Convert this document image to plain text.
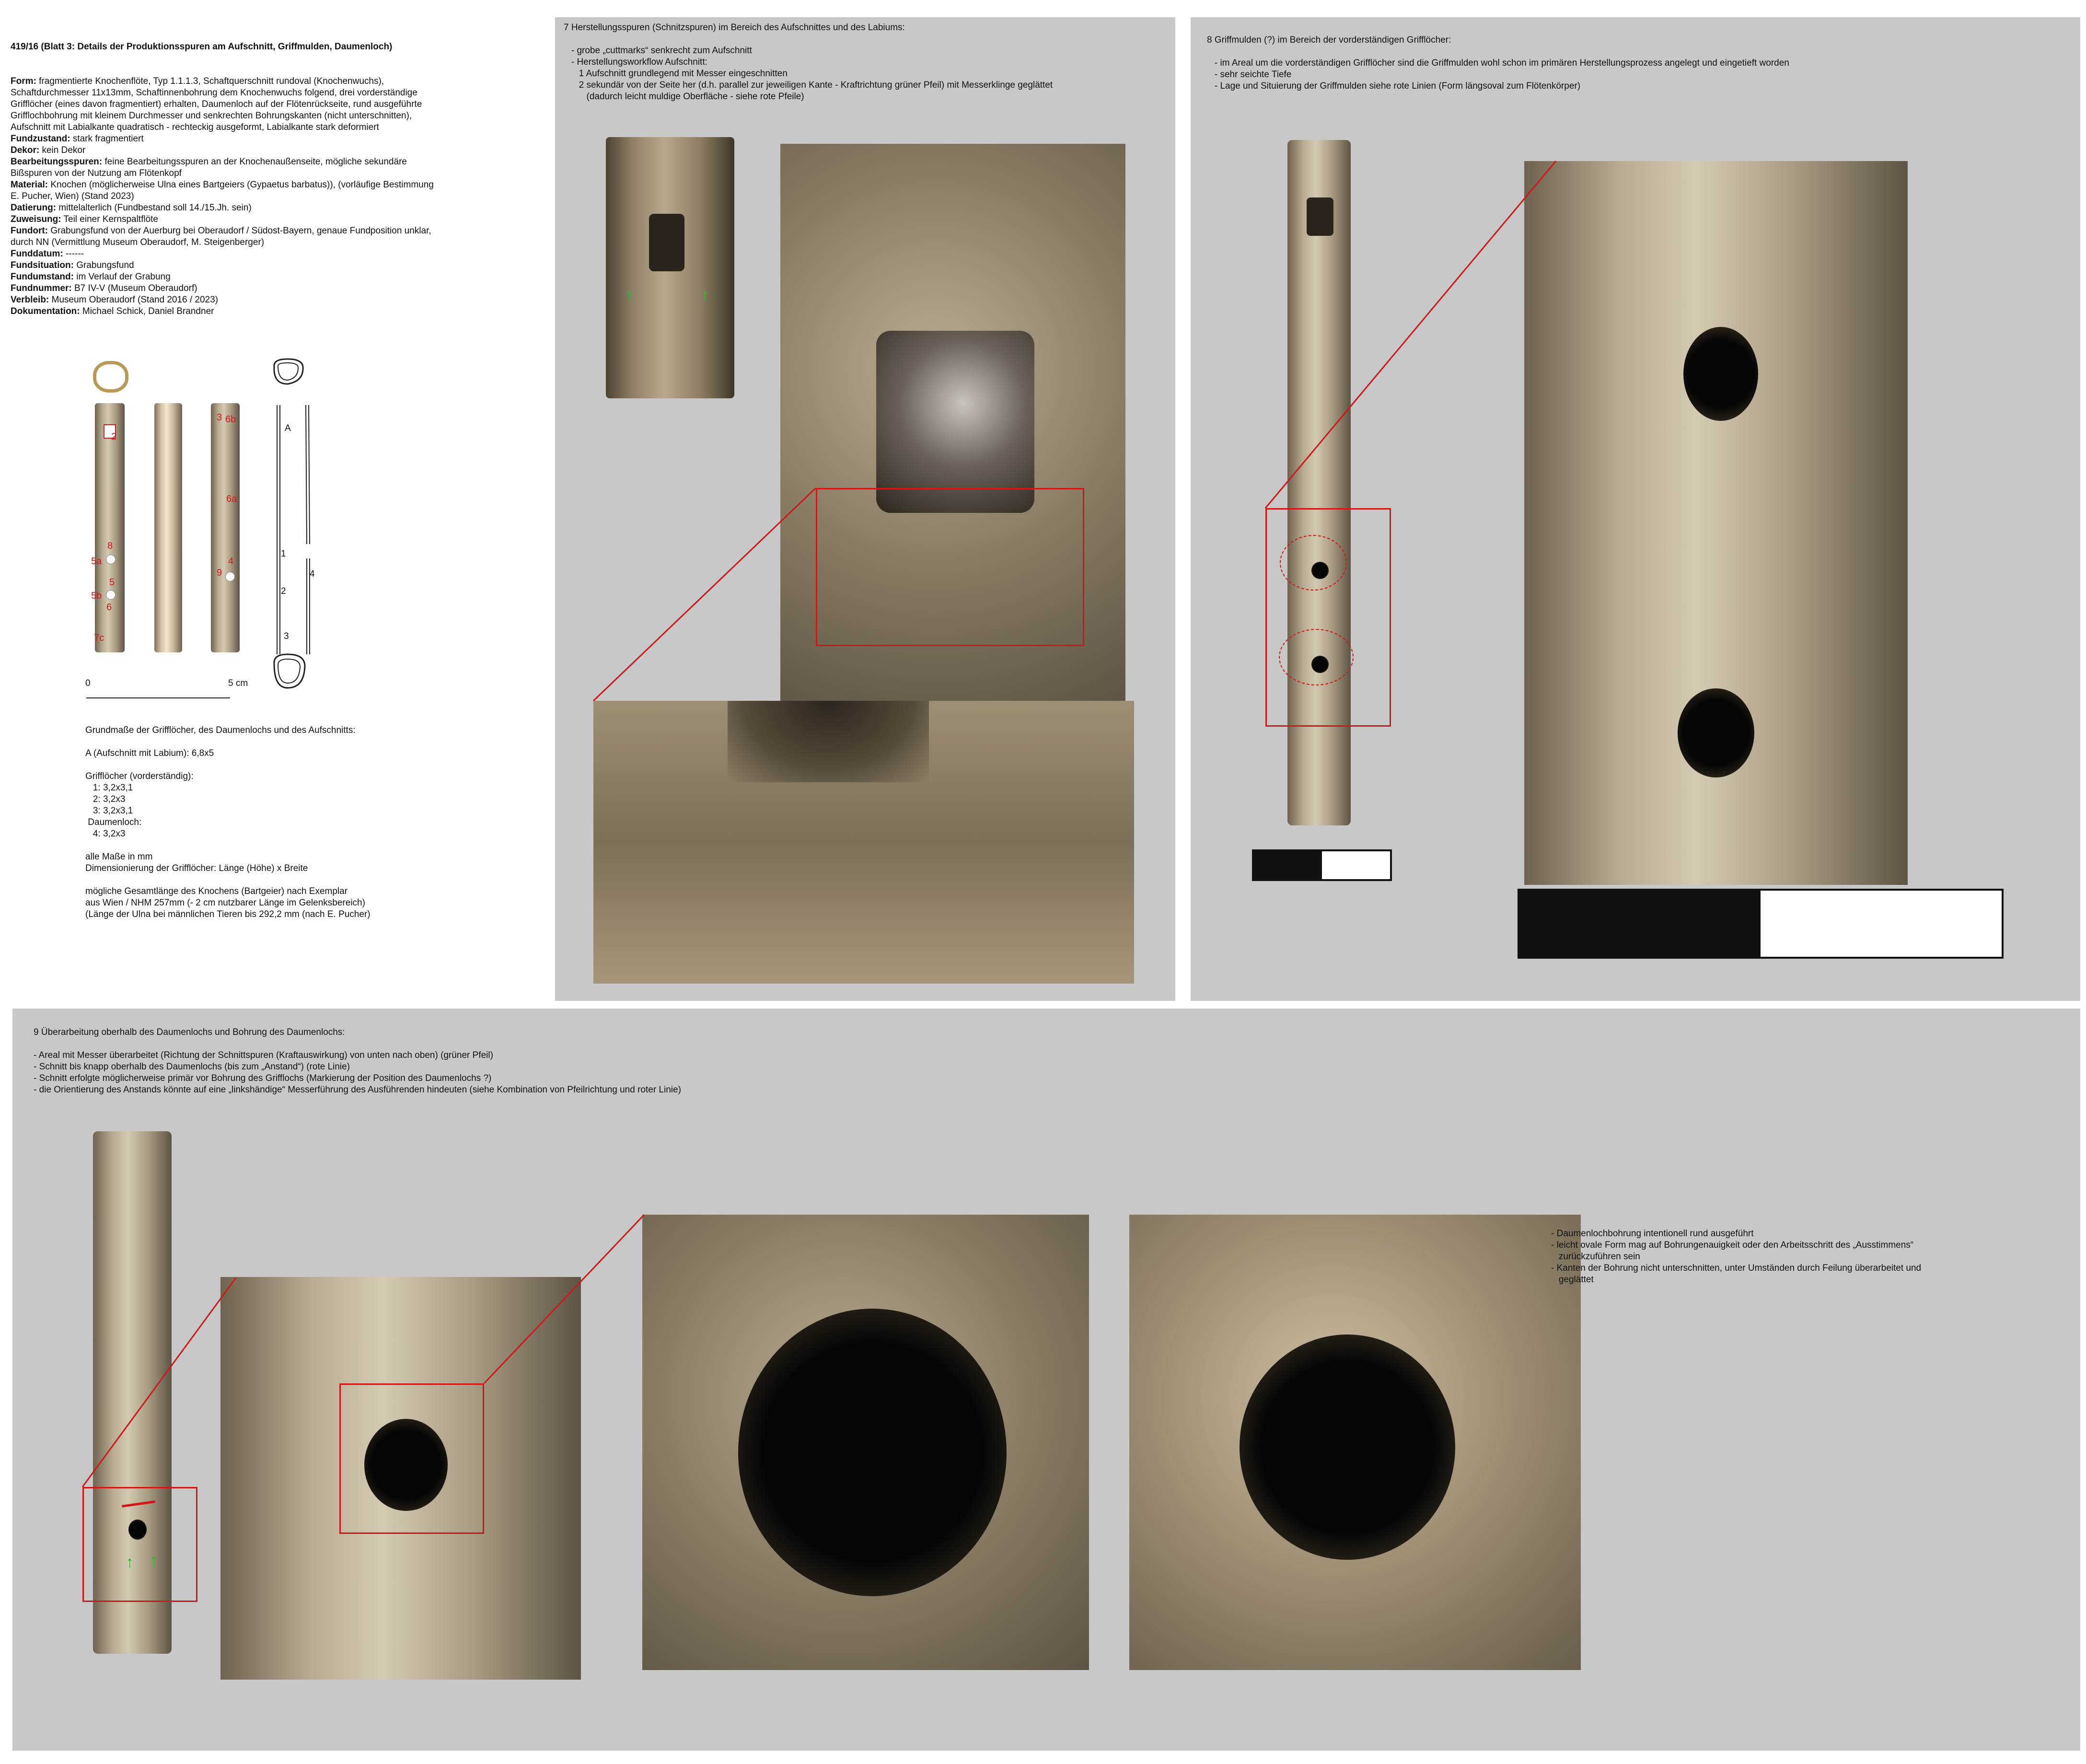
419/16 (Blatt 3: Details der Produktionsspuren am Aufschnitt, Griffmulden, Daumenloch)

Form: fragmentierte Knochenflöte, Typ 1.1.1.3, Schaftquerschnitt rundoval (Knochenwuchs),
Schaftdurchmesser 11x13mm, Schaftinnenbohrung dem Knochenwuchs folgend, drei vorderständige
Grifflöcher (eines davon fragmentiert) erhalten, Daumenloch auf der Flötenrückseite, rund ausgeführte
Grifflochbohrung mit kleinem Durchmesser und senkrechten Bohrungskanten (nicht unterschnitten),
Aufschnitt mit Labialkante quadratisch - rechteckig ausgeformt, Labialkante stark deformiert
Fundzustand: stark fragmentiert
Dekor: kein Dekor
Bearbeitungsspuren: feine Bearbeitungsspuren an der Knochenaußenseite, mögliche sekundäre
Bißspuren von der Nutzung am Flötenkopf
Material: Knochen (möglicherweise Ulna eines Bartgeiers (Gypaetus barbatus)), (vorläufige Bestimmung
E. Pucher, Wien) (Stand 2023)
Datierung: mittelalterlich (Fundbestand soll 14./15.Jh. sein)
Zuweisung: Teil einer Kernspaltflöte
Fundort: Grabungsfund von der Auerburg bei Oberaudorf / Südost-Bayern, genaue Fundposition unklar,
durch NN (Vermittlung Museum Oberaudorf, M. Steigenberger)
Funddatum: ------
Fundsituation: Grabungsfund
Fundumstand: im Verlauf der Grabung
Fundnummer: B7 IV-V (Museum Oberaudorf)
Verbleib: Museum Oberaudorf (Stand 2016 / 2023)
Dokumentation: Michael Schick, Daniel Brandner

0	5 cm
2
8
5a
5
5b
6
7c
3 6b
6a
4
9
A
1
2
4
3
Grundmaße der Grifflöcher, des Daumenlochs und des Aufschnitts:

A (Aufschnitt mit Labium): 6,8x5

Grifflöcher (vorderständig):
1: 3,2x3,1
2: 3,2x3
3: 3,2x3,1
Daumenloch:
4: 3,2x3

alle Maße in mm
Dimensionierung der Grifflöcher: Länge (Höhe) x Breite

mögliche Gesamtlänge des Knochens (Bartgeier) nach Exemplar
aus Wien / NHM 257mm (- 2 cm nutzbarer Länge im Gelenksbereich)
(Länge der Ulna bei männlichen Tieren bis 292,2 mm (nach E. Pucher)
7 Herstellungsspuren (Schnitzspuren) im Bereich des Aufschnittes und des Labiums:

- grobe „cuttmarks“ senkrecht zum Aufschnitt
- Herstellungsworkflow Aufschnitt:
1 Aufschnitt grundlegend mit Messer eingeschnitten
2 sekundär von der Seite her (d.h. parallel zur jeweiligen Kante - Kraftrichtung grüner Pfeil) mit Messerklinge geglättet
(dadurch leicht muldige Oberfläche - siehe rote Pfeile)
↑	↑
8 Griffmulden (?) im Bereich der vorderständigen Grifflöcher:

- im Areal um die vorderständigen Grifflöcher sind die Griffmulden wohl schon im primären Herstellungsprozess angelegt und eingetieft worden
- sehr seichte Tiefe
- Lage und Situierung der Griffmulden siehe rote Linien (Form längsoval zum Flötenkörper)
9 Überarbeitung oberhalb des Daumenlochs und Bohrung des Daumenlochs:

- Areal mit Messer überarbeitet (Richtung der Schnittspuren (Kraftauswirkung) von unten nach oben) (grüner Pfeil)
- Schnitt bis knapp oberhalb des Daumenlochs (bis zum „Anstand“) (rote Linie)
- Schnitt erfolgte möglicherweise primär vor Bohrung des Grifflochs (Markierung der Position des Daumenlochs ?)
- die Orientierung des Anstands könnte auf eine „linkshändige“ Messerführung des Ausführenden hindeuten (siehe Kombination von Pfeilrichtung und roter Linie)
↑ ↑
- Daumenlochbohrung intentionell rund ausgeführt
- leicht ovale Form mag auf Bohrungenauigkeit oder den Arbeitsschritt des „Ausstimmens“
zurückzuführen sein
- Kanten der Bohrung nicht unterschnitten, unter Umständen durch Feilung überarbeitet und
geglättet
